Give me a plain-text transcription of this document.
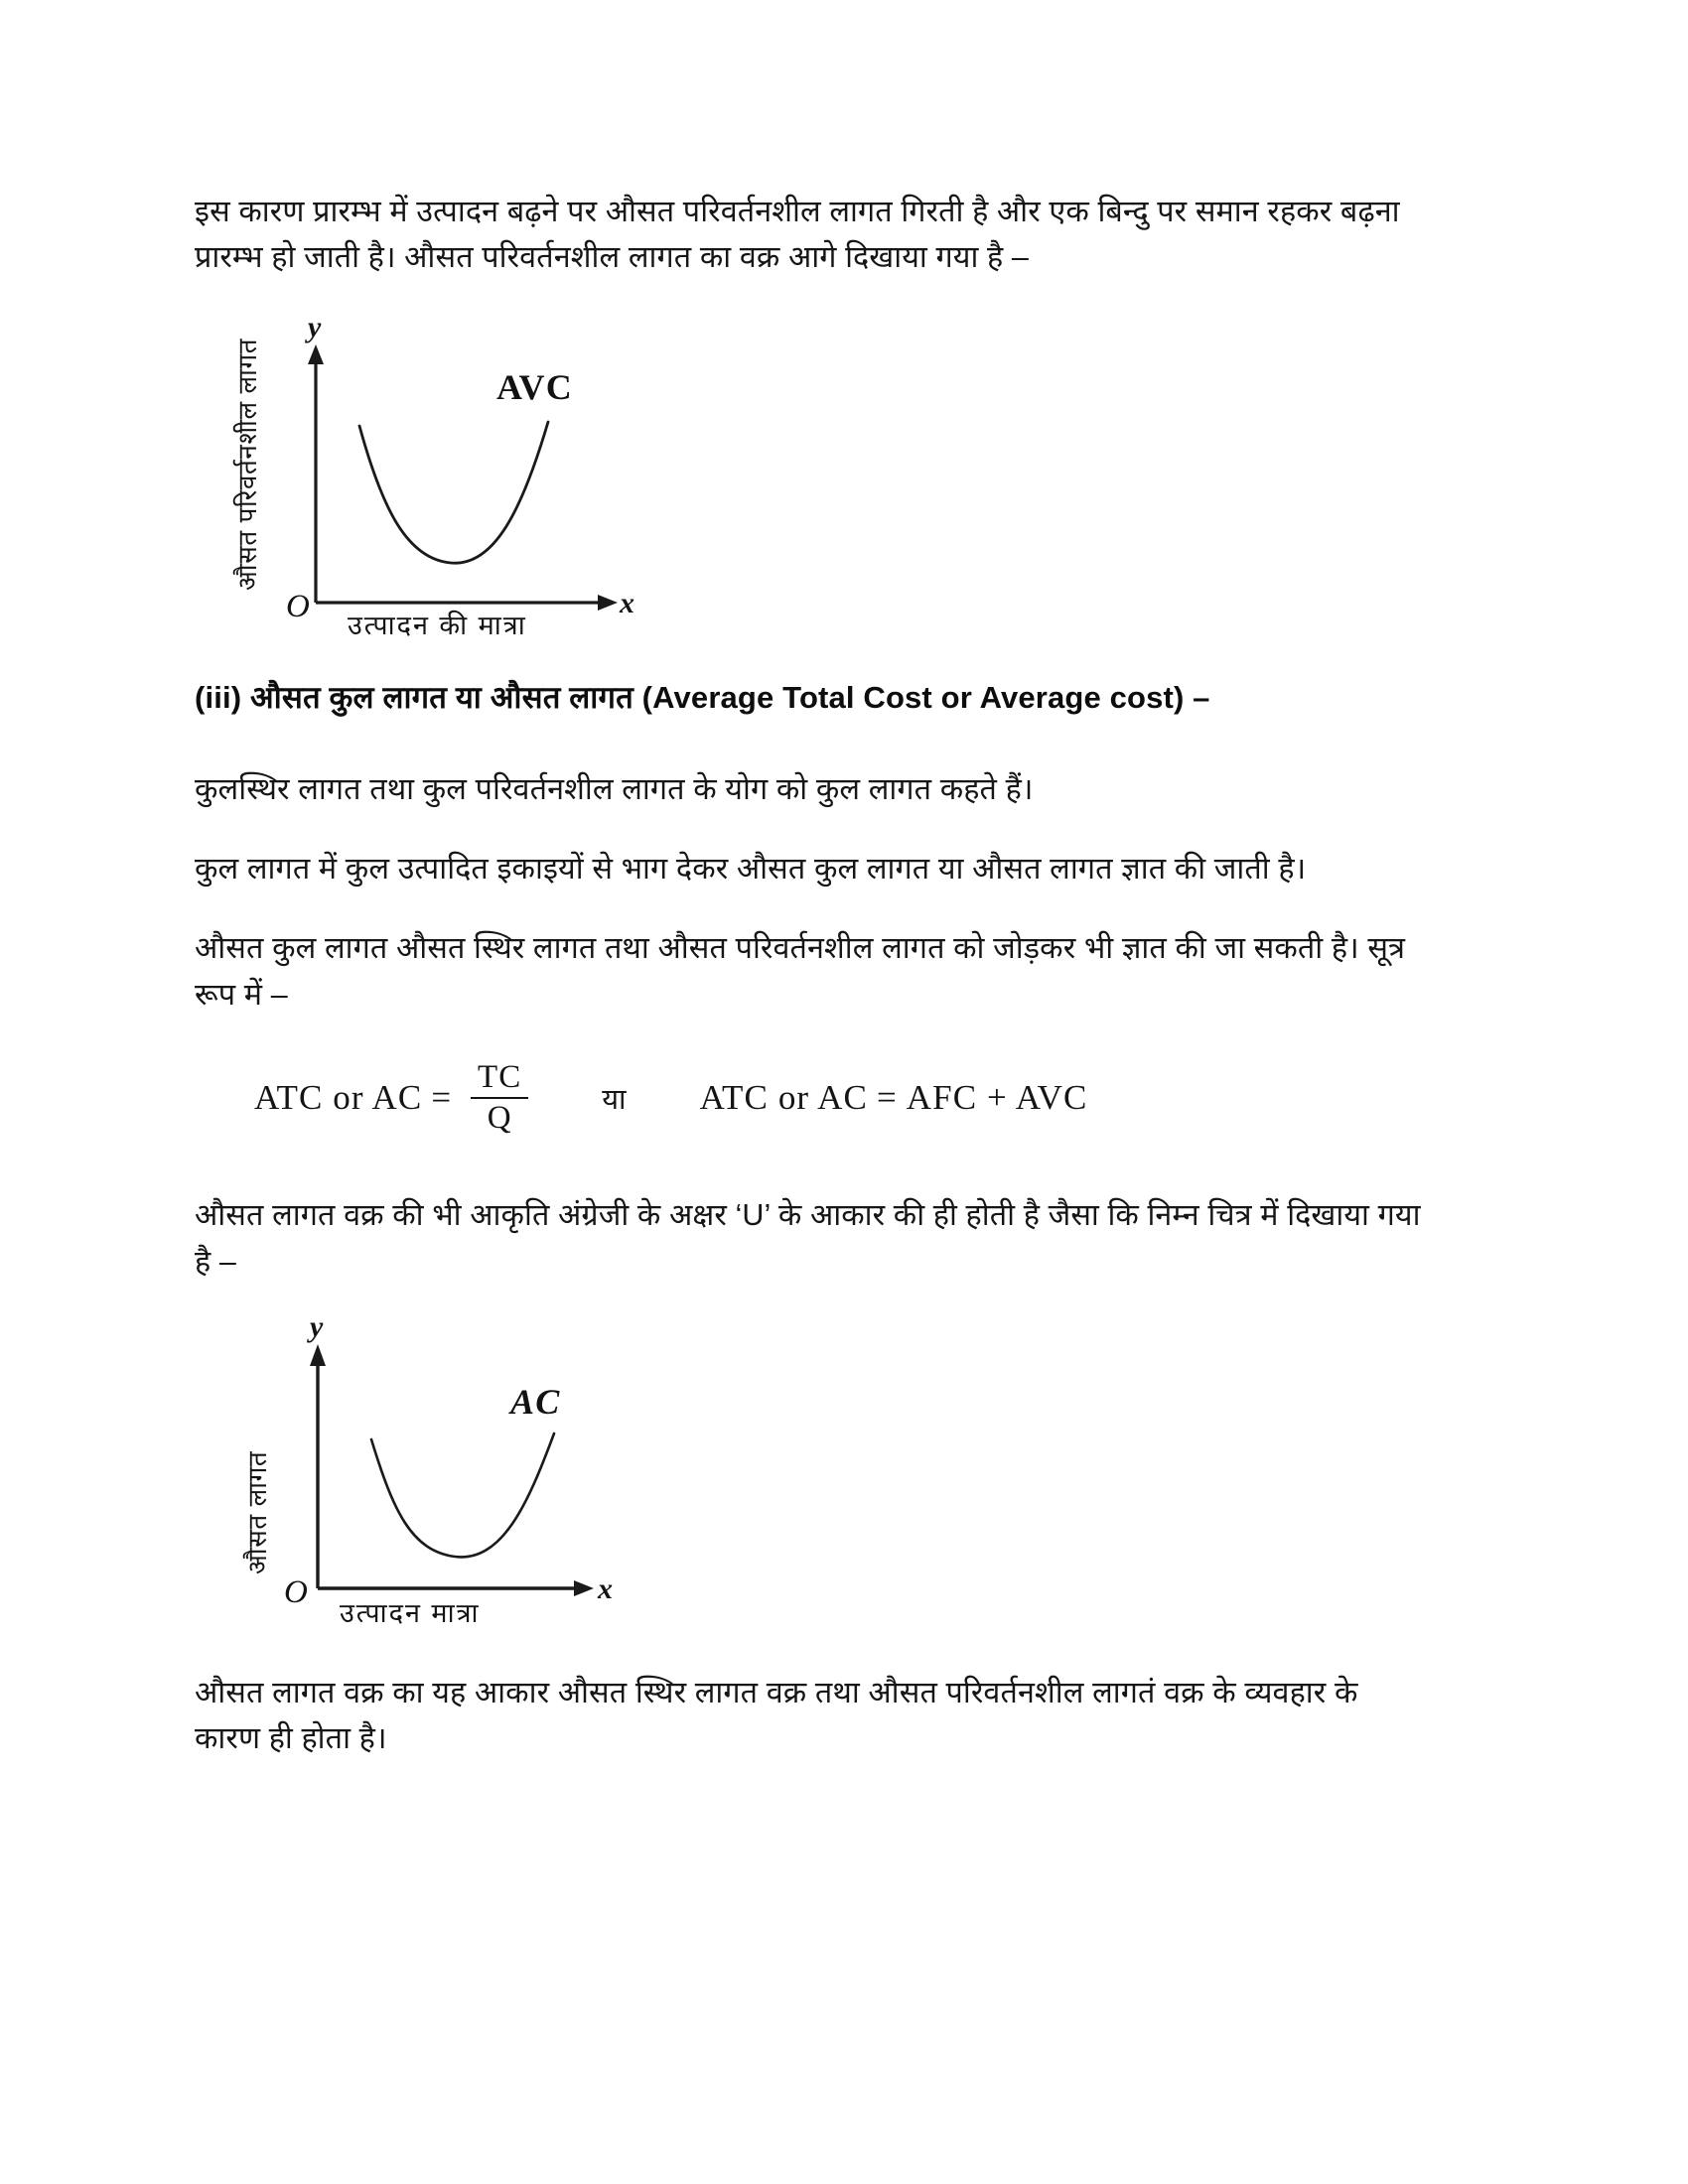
इस कारण प्रारम्भ में उत्पादन बढ़ने पर औसत परिवर्तनशील लागत गिरती है और एक बिन्दु पर समान रहकर बढ़ना प्रारम्भ हो जाती है। औसत परिवर्तनशील लागत का वक्र आगे दिखाया गया है –

y
x
O
औसत परिवर्तनशील लागत
उत्पादन की मात्रा
AVC
(iii) औसत कुल लागत या औसत लागत (Average Total Cost or Average cost) –

कुलस्थिर लागत तथा कुल परिवर्तनशील लागत के योग को कुल लागत कहते हैं।

कुल लागत में कुल उत्पादित इकाइयों से भाग देकर औसत कुल लागत या औसत लागत ज्ञात की जाती है।

औसत कुल लागत औसत स्थिर लागत तथा औसत परिवर्तनशील लागत को जोड़कर भी ज्ञात की जा सकती है। सूत्र रूप में –

ATC or AC = $\frac{TC}{Q}$	या ATC or AC = AFC + AVC

औसत लागत वक्र की भी आकृति अंग्रेजी के अक्षर ‘U’ के आकार की ही होती है जैसा कि निम्न चित्र में दिखाया गया है –

y
x
O
औसत लागत
उत्पादन मात्रा
AC

औसत लागत वक्र का यह आकार औसत स्थिर लागत वक्र तथा औसत परिवर्तनशील लागतं वक्र के व्यवहार के कारण ही होता है।
